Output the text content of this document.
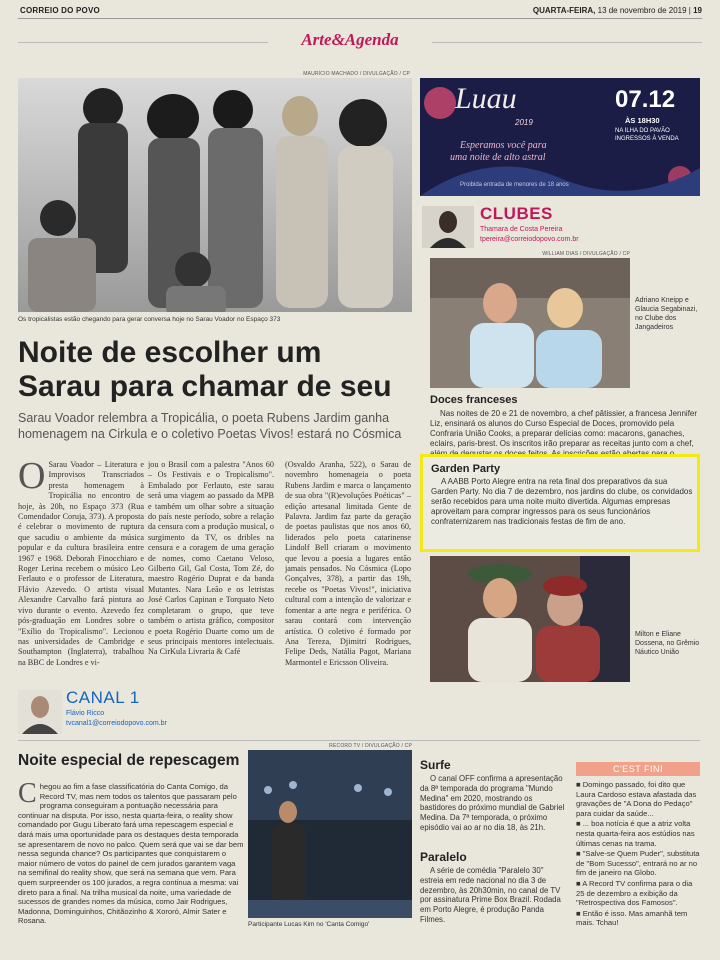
CORREIO DO POVO	QUARTA-FEIRA, 13 de novembro de 2019 | 19
Arte&Agenda
MAURÍCIO MACHADO / DIVULGAÇÃO / CP
Os tropicalistas estão chegando para gerar conversa hoje no Sarau Voador no Espaço 373
Noite de escolher um
Sarau para chamar de seu
Sarau Voador relembra a Tropicália, o poeta Rubens Jardim ganha homenagem na Cirkula e o coletivo Poetas Vivos! estará no Cósmica
O Sarau Voador – Literatura e Improvisos Transcriados presta homenagem à Tropicália no encontro de hoje, às 20h, no Espaço 373 (Rua Comendador Coruja, 373). A proposta é celebrar o movimento de ruptura que sacudiu o ambiente da música popular e da cultura brasileira entre 1967 e 1968. Deborah Finocchiaro e Roger Lerina recebem o músico Leo Ferlauto e o professor de Literatura, Flávio Azevedo. O artista visual Alexandre Carvalho fará pintura ao vivo durante o evento. Azevedo fez pós-graduação em Londres sobre o "Exílio do Tropicalismo". Lecionou nas universidades de Cambridge e Southampton (Inglaterra), trabalhou na BBC de Londres e vi-
jou o Brasil com a palestra "Anos 60 – Os Festivais e o Tropicalismo". Embalado por Ferlauto, este sarau será uma viagem ao passado da MPB e também um olhar sobre a situação do país neste período, sobre a relação da censura com a produção musical, o surgimento da TV, os dribles na censura e a coragem de uma geração de nomes, como Caetano Veloso, Gilberto Gil, Gal Costa, Tom Zé, do maestro Rogério Duprat e da banda Mutantes. Nara Leão e os letristas José Carlos Capinan e Torquato Neto completaram o grupo, que teve também o artista gráfico, compositor e poeta Rogério Duarte como um de seus principais mentores intelectuais. Na CirKula Livraria & Café
(Osvaldo Aranha, 522), o Sarau de novembro homenageia o poeta Rubens Jardim e marca o lançamento de sua obra "(R)evoluções Poéticas" – edição artesanal limitada Gente de Palavra. Jardim faz parte da geração de poetas paulistas que nos anos 60, liderados pelo poeta catarinense Lindolf Bell criaram o movimento que levou a poesia a lugares então jamais pensados. No Cósmica (Lopo Gonçalves, 378), a partir das 19h, recebe os "Poetas Vivos!", iniciativa cultural com a intenção de valorizar e fomentar a arte negra e periférica. O sarau contará com intervenção artística. O coletivo é formado por Ana Tereza, Djimitri Rodrigues, Felipe Deds, Natália Pagot, Mariana Marmontel e Ericsson Oliveira.
Luau
2019
07.12
ÀS 18H30
NA ILHA DO PAVÃO
INGRESSOS À VENDA
Esperamos você para
uma noite de alto astral
Proibida entrada de menores de 18 anos
CLUBES
Thamara de Costa Pereira
tpereira@correiodopovo.com.br
WILLIAM DIAS / DIVULGAÇÃO / CP
Adriano Kneipp e Glaucia Segabinazi, no Clube dos Jangadeiros
Doces franceses
Nas noites de 20 e 21 de novembro, a chef pâtissier, a francesa Jennifer Liz, ensinará os alunos do Curso Especial de Doces, promovido pela Confraria União Cooks, a preparar delícias como: macarons, ganaches, eclairs, paris-brest. Os inscritos irão preparar as receitas junto com a chef,
Garden Party
A AABB Porto Alegre entra na reta final dos preparativos da sua Garden Party. No dia 7 de dezembro, nos jardins do clube, os convidados serão recebidos para uma noite muito divertida. Algumas empresas aproveitam para comprar ingressos para os seus funcionários confraternizarem nas tradicionais festas de fim de ano.
Milton e Eliane Dossena, no Grêmio Náutico União
CANAL 1
Flávio Ricco
tvcanal1@correiodopovo.com.br
Noite especial de repescagem
Chegou ao fim a fase classificatória do Canta Comigo, da Record TV, mas nem todos os talentos que passaram pelo programa conseguiram a pontuação necessária para continuar na disputa. Por isso, nesta quarta-feira, o reality show comandado por Gugu Liberato fará uma repescagem especial e dará mais uma oportunidade para os destaques desta temporada se apresentarem de novo no palco. Quem será que vai se dar bem nessa segunda chance? Os participantes que conquistarem o maior número de votos do painel de cem jurados garantem vaga na semifinal do reality show, que será na semana que vem. Para quem surpreender os 100 jurados, a regra continua a mesma: vai direto para a final. Na trilha musical da noite, uma variedade de sucessos de grandes nomes da música, como Jair Rodrigues, Madonna, Dominguinhos, Chitãozinho & Xororó, Almir Sater e Rosana.
RECORD TV / DIVULGAÇÃO / CP
Participante Lucas Kim no 'Canta Comigo'
Surfe
O canal OFF confirma a apresentação da 8ª temporada do programa "Mundo Medina" em 2020, mostrando os bastidores do próximo mundial de Gabriel Medina. Da 7ª temporada, o próximo episódio vai ao ar no dia 18, às 21h.
Paralelo
A série de comédia "Paralelo 30" estreia em rede nacional no dia 3 de dezembro, às 20h30min, no canal de TV por assinatura Prime Box Brazil. Rodada em Porto Alegre, é produção Panda Filmes.
C'EST FINI
■ Domingo passado, foi dito que Laura Cardoso estava afastada das gravações de "A Dona do Pedaço" para cuidar da saúde...
■ ... boa notícia é que a atriz volta nesta quarta-feira aos estúdios nas últimas cenas na trama.
■ "Salve-se Quem Puder", substituta de "Bom Sucesso", entrará no ar no fim de janeiro na Globo.
■ A Record TV confirma para o dia 25 de dezembro a exibição da "Retrospectiva dos Famosos".
■ Então é isso. Mas amanhã tem mais. Tchau!
